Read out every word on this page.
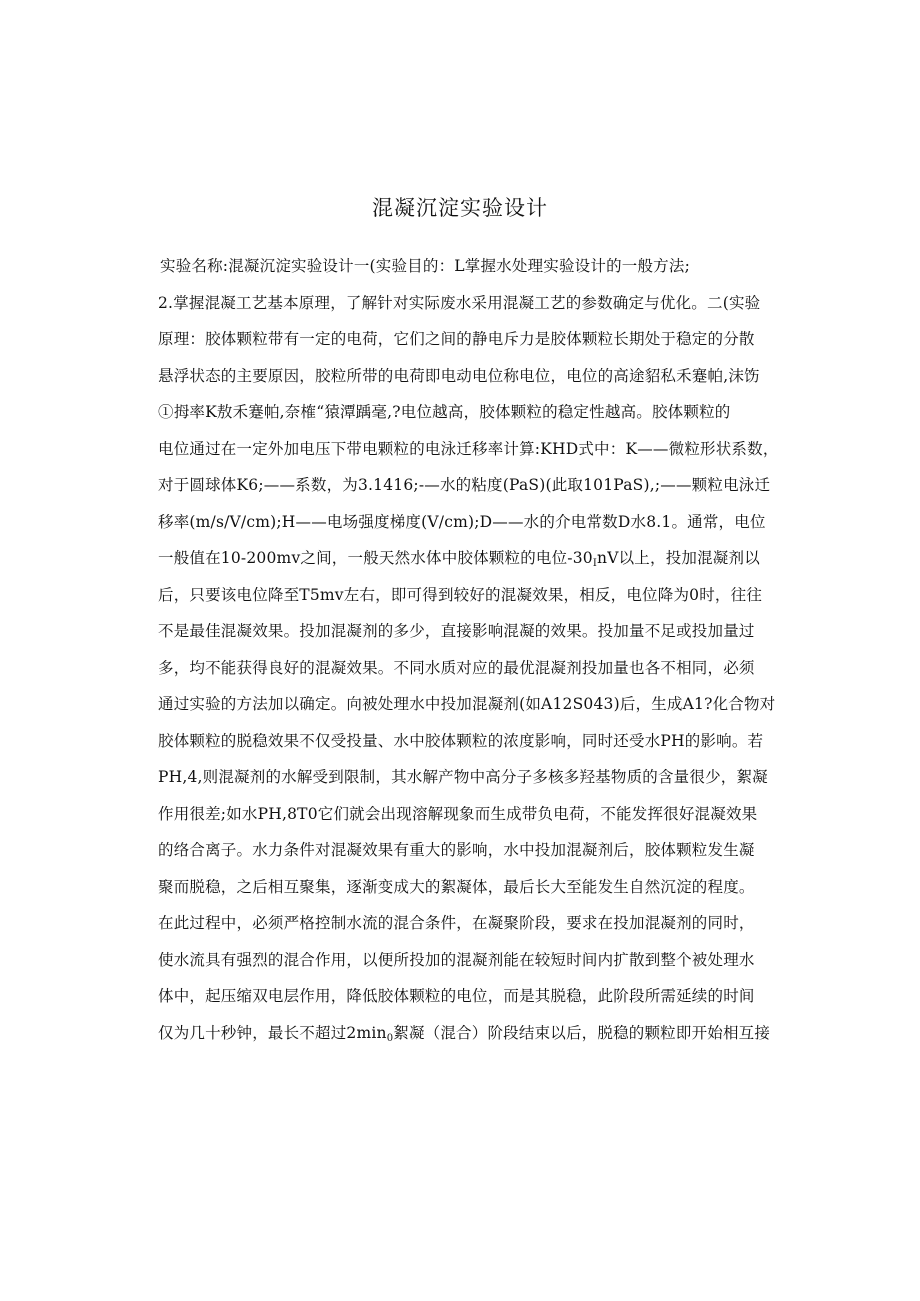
混凝沉淀实验设计
实验名称:混凝沉淀实验设计一(实验目的：L掌握水处理实验设计的一般方法;
2.掌握混凝工艺基本原理，了解针对实际废水采用混凝工艺的参数确定与优化。二(实验
原理：胶体颗粒带有一定的电荷，它们之间的静电斥力是胶体颗粒长期处于稳定的分散
悬浮状态的主要原因，胶粒所带的电荷即电动电位称电位，电位的高途貂私禾蹇帕,沫饬
①拇率K敖禾蹇帕,奈榷“猿潭踽毫,?电位越高，胶体颗粒的稳定性越高。胶体颗粒的
电位通过在一定外加电压下带电颗粒的电泳迁移率计算:KHD式中：K——微粒形状系数，
对于圆球体K6;——系数，为3.1416;-—水的粘度(PaS)(此取101PaS),;——颗粒电泳迁
移率(m/s/V/cm);H——电场强度梯度(V/cm);D——水的介电常数D水8.1。通常，电位
一般值在10-200mv之间，一般天然水体中胶体颗粒的电位$-30_InV$以上，投加混凝剂以
后，只要该电位降至T5mv左右，即可得到较好的混凝效果，相反，电位降为0时，往往
不是最佳混凝效果。投加混凝剂的多少，直接影响混凝的效果。投加量不足或投加量过
多，均不能获得良好的混凝效果。不同水质对应的最优混凝剂投加量也各不相同，必须
通过实验的方法加以确定。向被处理水中投加混凝剂(如A12S043)后，生成A1?化合物对
胶体颗粒的脱稳效果不仅受投量、水中胶体颗粒的浓度影响，同时还受水PH的影响。若
PH,4,则混凝剂的水解受到限制，其水解产物中高分子多核多羟基物质的含量很少，絮凝
作用很差;如水PH,8T0它们就会出现溶解现象而生成带负电荷，不能发挥很好混凝效果
的络合离子。水力条件对混凝效果有重大的影响，水中投加混凝剂后，胶体颗粒发生凝
聚而脱稳，之后相互聚集，逐渐变成大的絮凝体，最后长大至能发生自然沉淀的程度。
在此过程中，必须严格控制水流的混合条件，在凝聚阶段，要求在投加混凝剂的同时，
使水流具有强烈的混合作用，以便所投加的混凝剂能在较短时间内扩散到整个被处理水
体中，起压缩双电层作用，降低胶体颗粒的电位，而是其脱稳，此阶段所需延续的时间
仅为几十秒钟，最长不超过$2\min_0$絮凝（混合）阶段结束以后，脱稳的颗粒即开始相互接
